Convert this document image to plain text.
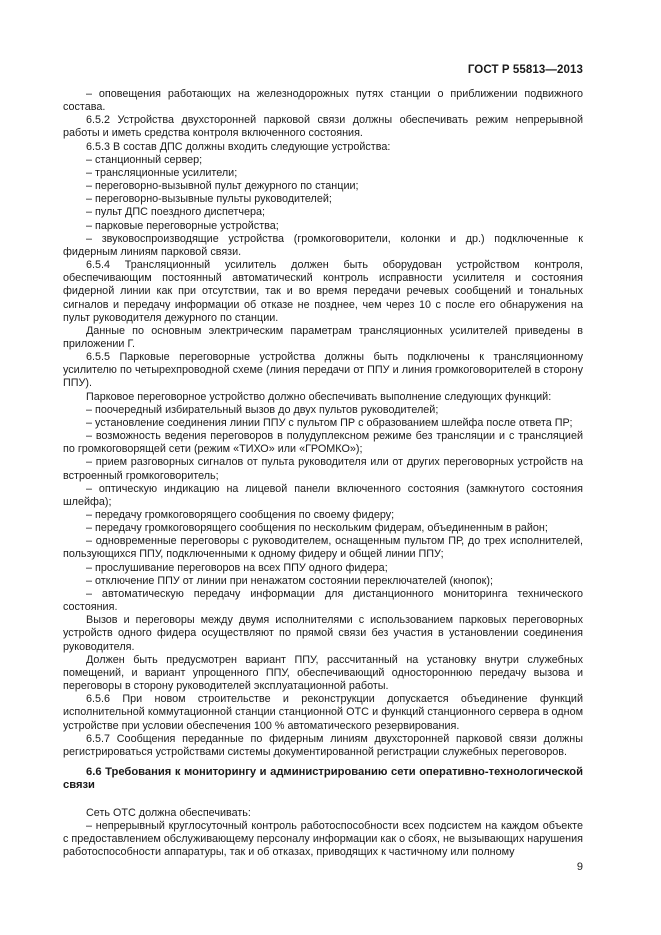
ГОСТ Р 55813—2013

– оповещения работающих на железнодорожных путях станции о приближении подвижного состава.

6.5.2 Устройства двухсторонней парковой связи должны обеспечивать режим непрерывной работы и иметь средства контроля включенного состояния.

6.5.3 В состав ДПС должны входить следующие устройства:

– станционный сервер;

– трансляционные усилители;

– переговорно-вызывной пульт дежурного по станции;

– переговорно-вызывные пульты руководителей;

– пульт ДПС поездного диспетчера;

– парковые переговорные устройства;

– звуковоспроизводящие устройства (громкоговорители, колонки и др.) подключенные к фидерным линиям парковой связи.

6.5.4 Трансляционный усилитель должен быть оборудован устройством контроля, обеспечивающим постоянный автоматический контроль исправности усилителя и состояния фидерной линии как при отсутствии, так и во время передачи речевых сообщений и тональных сигналов и передачу информации об отказе не позднее, чем через 10 с после его обнаружения на пульт руководителя дежурного по станции.

Данные по основным электрическим параметрам трансляционных усилителей приведены в приложении Г.

6.5.5 Парковые переговорные устройства должны быть подключены к трансляционному усилителю по четырехпроводной схеме (линия передачи от ППУ и линия громкоговорителей в сторону ППУ).

Парковое переговорное устройство должно обеспечивать выполнение следующих функций:

– поочередный избирательный вызов до двух пультов руководителей;

– установление соединения линии ППУ с пультом ПР с образованием шлейфа после ответа ПР;

– возможность ведения переговоров в полудуплексном режиме без трансляции и с трансляцией по громкоговорящей сети (режим «ТИХО» или «ГРОМКО»);

– прием разговорных сигналов от пульта руководителя или от других переговорных устройств на встроенный громкоговоритель;

– оптическую индикацию на лицевой панели включенного состояния (замкнутого состояния шлейфа);

– передачу громкоговорящего сообщения по своему фидеру;

– передачу громкоговорящего сообщения по нескольким фидерам, объединенным в район;

– одновременные переговоры с руководителем, оснащенным пультом ПР, до трех исполнителей, пользующихся ППУ, подключенными к одному фидеру и общей линии ППУ;

– прослушивание переговоров на всех ППУ одного фидера;

– отключение ППУ от линии при ненажатом состоянии переключателей (кнопок);

– автоматическую передачу информации для дистанционного мониторинга технического состояния.

Вызов и переговоры между двумя исполнителями с использованием парковых переговорных устройств одного фидера осуществляют по прямой связи без участия в установлении соединения руководителя.

Должен быть предусмотрен вариант ППУ, рассчитанный на установку внутри служебных помещений, и вариант упрощенного ППУ, обеспечивающий одностороннюю передачу вызова и переговоры в сторону руководителей эксплуатационной работы.

6.5.6 При новом строительстве и реконструкции допускается объединение функций исполнительной коммутационной станции станционной ОТС и функций станционного сервера в одном устройстве при условии обеспечения 100 % автоматического резервирования.

6.5.7 Сообщения переданные по фидерным линиям двухсторонней парковой связи должны регистрироваться устройствами системы документированной регистрации служебных переговоров.

6.6 Требования к мониторингу и администрированию сети оперативно-технологической связи

Сеть ОТС должна обеспечивать:

– непрерывный круглосуточный контроль работоспособности всех подсистем на каждом объекте с предоставлением обслуживающему персоналу информации как о сбоях, не вызывающих нарушения работоспособности аппаратуры, так и об отказах, приводящих к частичному или полному

9
